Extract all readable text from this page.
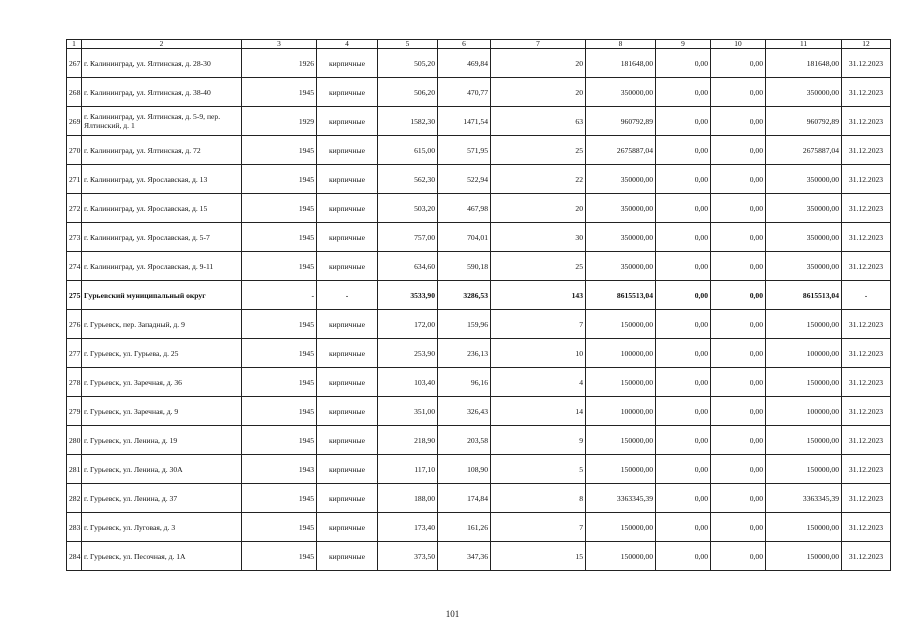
1	2	3	4	5	6	7	8	9	10	11	12
267	г. Калининград, ул. Ялтинская, д. 28-30	1926	кирпичные	505,20	469,84	20	181648,00	0,00	0,00	181648,00	31.12.2023
268	г. Калининград, ул. Ялтинская, д. 38-40	1945	кирпичные	506,20	470,77	20	350000,00	0,00	0,00	350000,00	31.12.2023
269	г. Калининград, ул. Ялтинская, д. 5-9, пер. Ялтинский, д. 1	1929	кирпичные	1582,30	1471,54	63	960792,89	0,00	0,00	960792,89	31.12.2023
270	г. Калининград, ул. Ялтинская, д. 72	1945	кирпичные	615,00	571,95	25	2675887,04	0,00	0,00	2675887,04	31.12.2023
271	г. Калининград, ул. Ярославская, д. 13	1945	кирпичные	562,30	522,94	22	350000,00	0,00	0,00	350000,00	31.12.2023
272	г. Калининград, ул. Ярославская, д. 15	1945	кирпичные	503,20	467,98	20	350000,00	0,00	0,00	350000,00	31.12.2023
273	г. Калининград, ул. Ярославская, д. 5-7	1945	кирпичные	757,00	704,01	30	350000,00	0,00	0,00	350000,00	31.12.2023
274	г. Калининград, ул. Ярославская, д. 9-11	1945	кирпичные	634,60	590,18	25	350000,00	0,00	0,00	350000,00	31.12.2023
275	Гурьевский муниципальный округ	-	-	3533,90	3286,53	143	8615513,04	0,00	0,00	8615513,04	-
276	г. Гурьевск, пер. Западный, д. 9	1945	кирпичные	172,00	159,96	7	150000,00	0,00	0,00	150000,00	31.12.2023
277	г. Гурьевск, ул. Гурьева, д. 25	1945	кирпичные	253,90	236,13	10	100000,00	0,00	0,00	100000,00	31.12.2023
278	г. Гурьевск, ул. Заречная, д. 36	1945	кирпичные	103,40	96,16	4	150000,00	0,00	0,00	150000,00	31.12.2023
279	г. Гурьевск, ул. Заречная, д. 9	1945	кирпичные	351,00	326,43	14	100000,00	0,00	0,00	100000,00	31.12.2023
280	г. Гурьевск, ул. Ленина, д. 19	1945	кирпичные	218,90	203,58	9	150000,00	0,00	0,00	150000,00	31.12.2023
281	г. Гурьевск, ул. Ленина, д. 30А	1943	кирпичные	117,10	108,90	5	150000,00	0,00	0,00	150000,00	31.12.2023
282	г. Гурьевск, ул. Ленина, д. 37	1945	кирпичные	188,00	174,84	8	3363345,39	0,00	0,00	3363345,39	31.12.2023
283	г. Гурьевск, ул. Луговая, д. 3	1945	кирпичные	173,40	161,26	7	150000,00	0,00	0,00	150000,00	31.12.2023
284	г. Гурьевск, ул. Песочная, д. 1А	1945	кирпичные	373,50	347,36	15	150000,00	0,00	0,00	150000,00	31.12.2023
101
